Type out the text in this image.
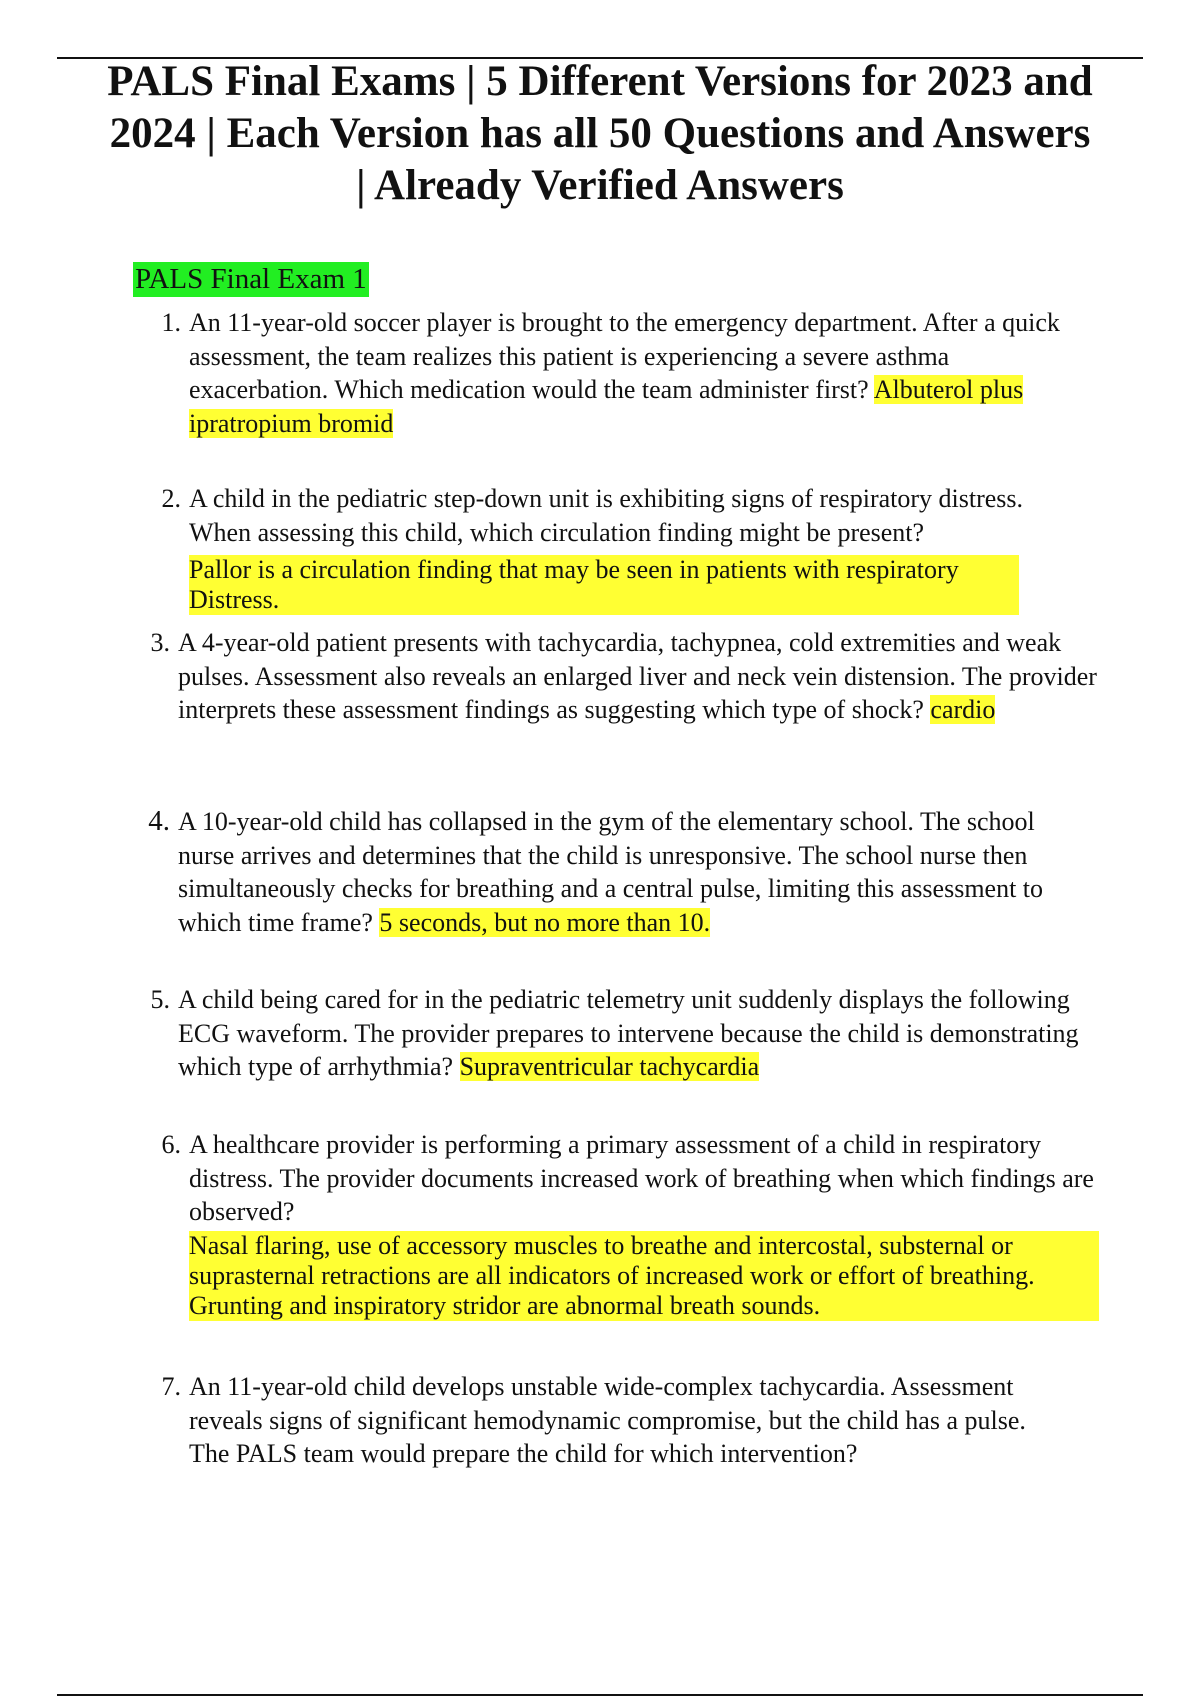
PALS Final Exams | 5 Different Versions for 2023 and 2024 | Each Version has all 50 Questions and Answers | Already Verified Answers
PALS Final Exam 1
1. An 11-year-old soccer player is brought to the emergency department. After a quick assessment, the team realizes this patient is experiencing a severe asthma exacerbation. Which medication would the team administer first? Albuterol plus ipratropium bromid
2. A child in the pediatric step-down unit is exhibiting signs of respiratory distress. When assessing this child, which circulation finding might be present?
Pallor is a circulation finding that may be seen in patients with respiratory Distress.
3. A 4-year-old patient presents with tachycardia, tachypnea, cold extremities and weak pulses. Assessment also reveals an enlarged liver and neck vein distension. The provider interprets these assessment findings as suggesting which type of shock? cardio
4. A 10-year-old child has collapsed in the gym of the elementary school. The school nurse arrives and determines that the child is unresponsive. The school nurse then simultaneously checks for breathing and a central pulse, limiting this assessment to which time frame? 5 seconds, but no more than 10.
5. A child being cared for in the pediatric telemetry unit suddenly displays the following ECG waveform. The provider prepares to intervene because the child is demonstrating which type of arrhythmia? Supraventricular tachycardia
6. A healthcare provider is performing a primary assessment of a child in respiratory distress. The provider documents increased work of breathing when which findings are observed?
Nasal flaring, use of accessory muscles to breathe and intercostal, substernal or suprasternal retractions are all indicators of increased work or effort of breathing. Grunting and inspiratory stridor are abnormal breath sounds.
7. An 11-year-old child develops unstable wide-complex tachycardia. Assessment reveals signs of significant hemodynamic compromise, but the child has a pulse. The PALS team would prepare the child for which intervention?
